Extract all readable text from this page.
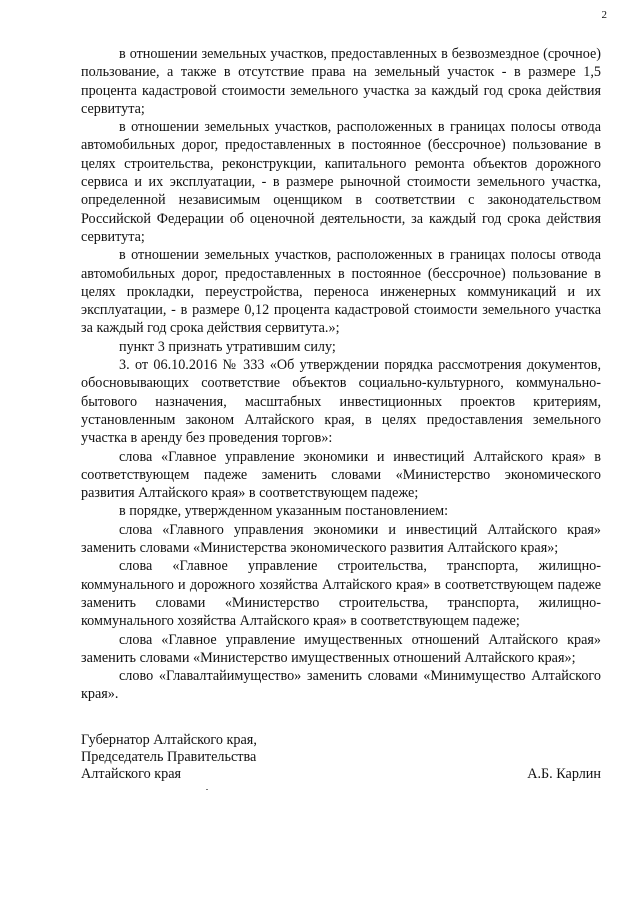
2

в отношении земельных участков, предоставленных в безвозмездное (срочное) пользование, а также в отсутствие права на земельный участок - в размере 1,5 процента кадастровой стоимости земельного участка за каждый год срока действия сервитута;

в отношении земельных участков, расположенных в границах полосы отвода автомобильных дорог, предоставленных в постоянное (бессрочное) пользование в целях строительства, реконструкции, капитального ремонта объектов дорожного сервиса и их эксплуатации, - в размере рыночной стоимости земельного участка, определенной независимым оценщиком в соответствии с законодательством Российской Федерации об оценочной деятельности, за каждый год срока действия сервитута;

в отношении земельных участков, расположенных в границах полосы отвода автомобильных дорог, предоставленных в постоянное (бессрочное) пользование в целях прокладки, переустройства, переноса инженерных коммуникаций и их эксплуатации, - в размере 0,12 процента кадастровой стоимости земельного участка за каждый год срока действия сервитута.»;

пункт 3 признать утратившим силу;

3. от 06.10.2016 № 333 «Об утверждении порядка рассмотрения документов, обосновывающих соответствие объектов социально-культурного, коммунально-бытового назначения, масштабных инвестиционных проектов критериям, установленным законом Алтайского края, в целях предоставления земельного участка в аренду без проведения торгов»:

слова «Главное управление экономики и инвестиций Алтайского края» в соответствующем падеже заменить словами «Министерство экономического развития Алтайского края» в соответствующем падеже;

в порядке, утвержденном указанным постановлением:

слова «Главного управления экономики и инвестиций Алтайского края» заменить словами «Министерства экономического развития Алтайского края»;

слова «Главное управление строительства, транспорта, жилищно-коммунального и дорожного хозяйства Алтайского края» в соответствующем падеже заменить словами «Министерство строительства, транспорта, жилищно-коммунального хозяйства Алтайского края» в соответствующем падеже;

слова «Главное управление имущественных отношений Алтайского края» заменить словами «Министерство имущественных отношений Алтайского края»;

слово «Главалтайимущество» заменить словами «Минимущество Алтайского края».

Губернатор Алтайского края,
Председатель Правительства
Алтайского края	А.Б. Карлин
